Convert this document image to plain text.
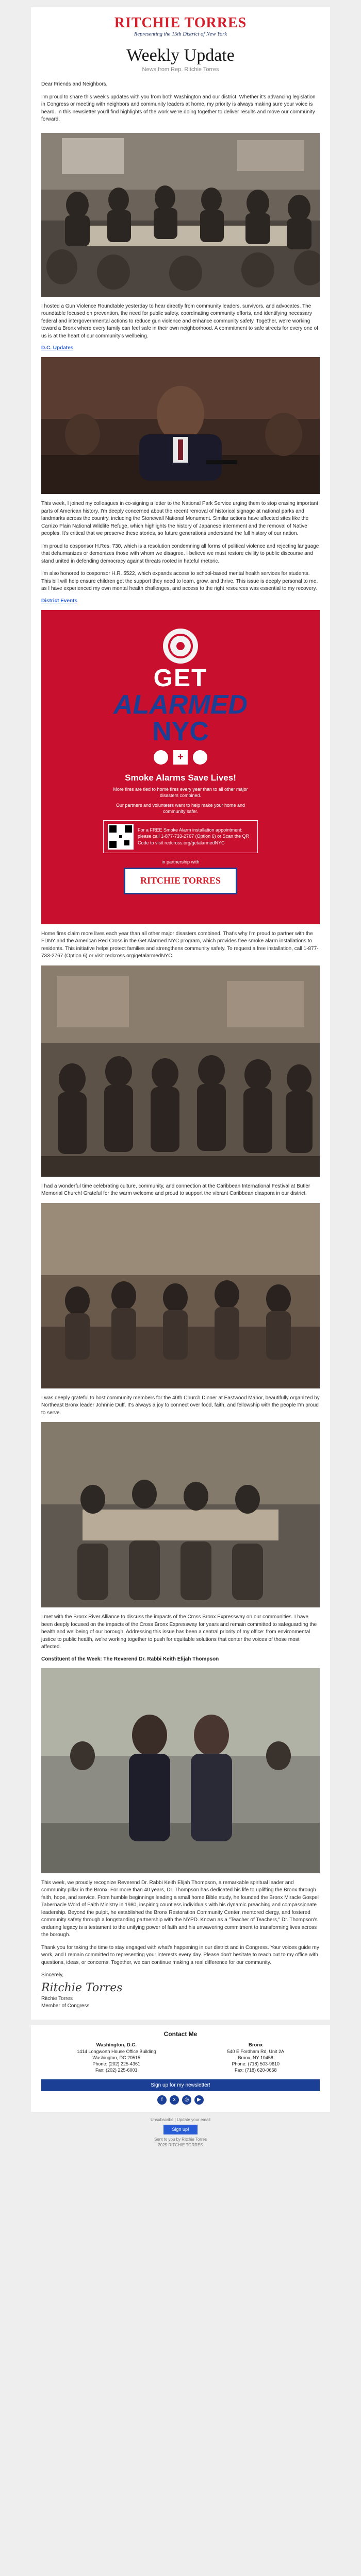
RITCHIE TORRES
Representing the 15th District of New York
Weekly Update
News from Rep. Ritchie Torres

Dear Friends and Neighbors,

I'm proud to share this week's updates with you from both Washington and our district. Whether it's advancing legislation in Congress or meeting with neighbors and community leaders at home, my priority is always making sure your voice is heard. In this newsletter you'll find highlights of the work we're doing together to deliver results and move our community forward.

I hosted a Gun Violence Roundtable yesterday to hear directly from community leaders, survivors, and advocates. The roundtable focused on prevention, the need for public safety, coordinating community efforts, and identifying necessary federal and intergovernmental actions to reduce gun violence and enhance community safety. Together, we're working toward a Bronx where every family can feel safe in their own neighborhood. A commitment to safe streets for every one of us is at the heart of our community's wellbeing.

D.C. Updates

This week, I joined my colleagues in co-signing a letter to the National Park Service urging them to stop erasing important parts of American history. I'm deeply concerned about the recent removal of historical signage at national parks and landmarks across the country, including the Stonewall National Monument. Similar actions have affected sites like the Carrizo Plain National Wildlife Refuge, which highlights the history of Japanese internment and the removal of Native peoples. It's critical that we preserve these stories, so future generations understand the full history of our nation.

I'm proud to cosponsor H.Res. 730, which is a resolution condemning all forms of political violence and rejecting language that dehumanizes or demonizes those with whom we disagree. I believe we must restore civility to public discourse and stand united in defending democracy against threats rooted in hateful rhetoric.

I'm also honored to cosponsor H.R. 5522, which expands access to school-based mental health services for students. This bill will help ensure children get the support they need to learn, grow, and thrive. This issue is deeply personal to me, as I have experienced my own mental health challenges, and access to the right resources was essential to my recovery.

District Events

GET
ALARMED
NYC
+
Smoke Alarms Save Lives!
More fires are tied to home fires every year than to all other major disasters combined.
Our partners and volunteers want to help make your home and community safer.
For a FREE Smoke Alarm installation appointment: please call 1-877-733-2767 (Option 6) or Scan the QR Code to visit redcross.org/getalarmedNYC
in partnership with
RITCHIE TORRES

Home fires claim more lives each year than all other major disasters combined. That's why I'm proud to partner with the FDNY and the American Red Cross in the Get Alarmed NYC program, which provides free smoke alarm installations to residents. This initiative helps protect families and strengthens community safety. To request a free installation, call 1-877-733-2767 (Option 6) or visit redcross.org/getalarmedNYC.

I had a wonderful time celebrating culture, community, and connection at the Caribbean International Festival at Butler Memorial Church! Grateful for the warm welcome and proud to support the vibrant Caribbean diaspora in our district.

I was deeply grateful to host community members for the 40th Church Dinner at Eastwood Manor, beautifully organized by Northeast Bronx leader Johnnie Duff. It's always a joy to connect over food, faith, and fellowship with the people I'm proud to serve.

I met with the Bronx River Alliance to discuss the impacts of the Cross Bronx Expressway on our communities. I have been deeply focused on the impacts of the Cross Bronx Expressway for years and remain committed to safeguarding the health and wellbeing of our borough. Addressing this issue has been a central priority of my office: from environmental justice to public health, we're working together to push for equitable solutions that center the voices of those most affected.

Constituent of the Week: The Reverend Dr. Rabbi Keith Elijah Thompson

This week, we proudly recognize Reverend Dr. Rabbi Keith Elijah Thompson, a remarkable spiritual leader and community pillar in the Bronx. For more than 40 years, Dr. Thompson has dedicated his life to uplifting the Bronx through faith, hope, and service. From humble beginnings leading a small home Bible study, he founded the Bronx Miracle Gospel Tabernacle Word of Faith Ministry in 1980, inspiring countless individuals with his dynamic preaching and compassionate leadership. Beyond the pulpit, he established the Bronx Restoration Community Center, mentored clergy, and fostered community safety through a longstanding partnership with the NYPD. Known as a "Teacher of Teachers," Dr. Thompson's enduring legacy is a testament to the unifying power of faith and his unwavering commitment to transforming lives across the borough.

Thank you for taking the time to stay engaged with what's happening in our district and in Congress. Your voices guide my work, and I remain committed to representing your interests every day. Please don't hesitate to reach out to my office with questions, ideas, or concerns. Together, we can continue making a real difference for our community.

Sincerely,

Ritchie Torres

Ritchie Torres

Member of Congress

Contact Me
Washington, D.C.
1414 Longworth House Office Building
Washington, DC 20515
Phone: (202) 225-4361
Fax: (202) 225-6001
Bronx
540 E Fordham Rd, Unit 2A
Bronx, NY 10458
Phone: (718) 503-9610
Fax: (718) 620-0658
Sign up for my newsletter!
f	x	◎	▶
Unsubscribe | Update your email
Sign up!
Sent to you by Ritchie Torres
2025 RITCHIE TORRES
